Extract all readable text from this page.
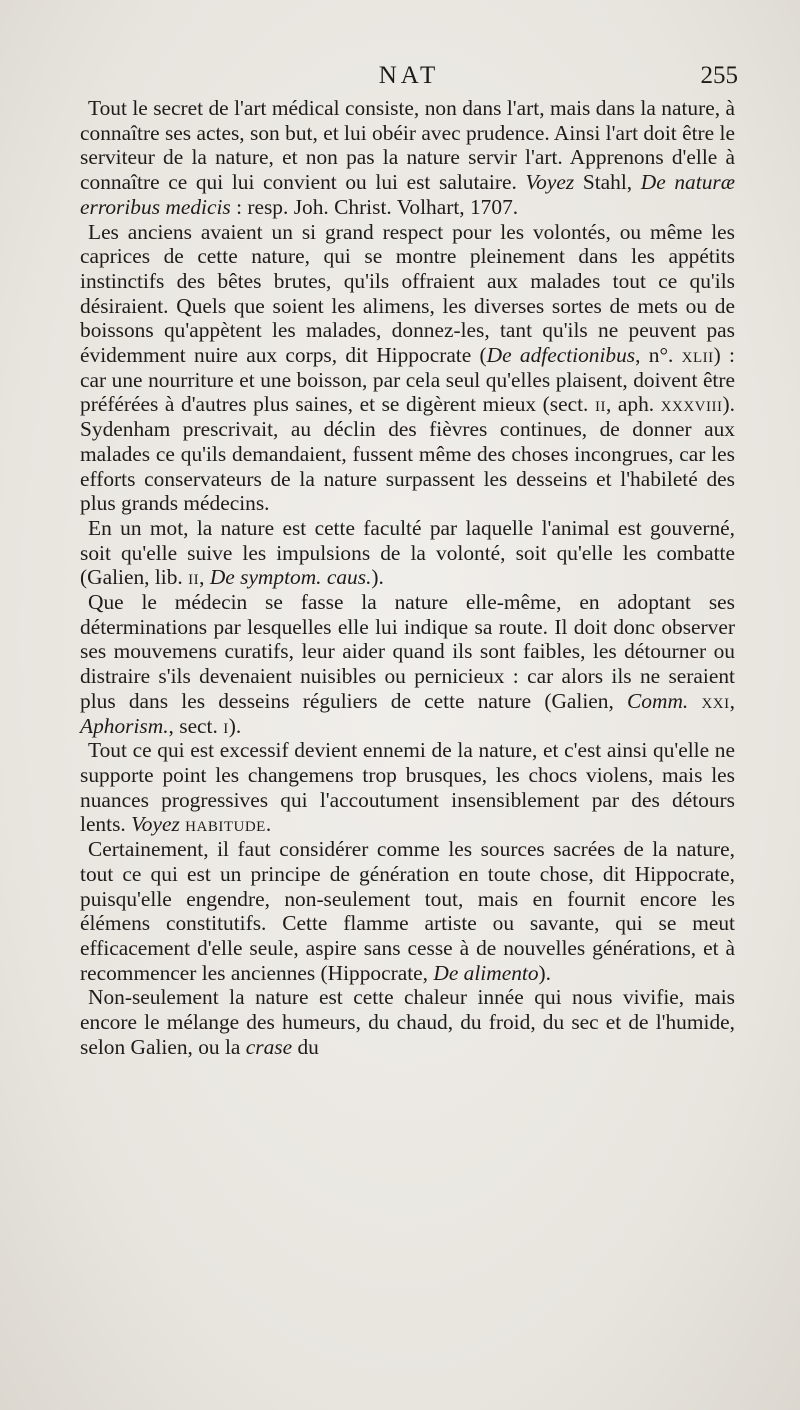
NAT	255

Tout le secret de l'art médical consiste, non dans l'art, mais dans la nature, à connaître ses actes, son but, et lui obéir avec prudence. Ainsi l'art doit être le serviteur de la nature, et non pas la nature servir l'art. Apprenons d'elle à connaître ce qui lui convient ou lui est salutaire. Voyez Stahl, De naturæ erroribus medicis : resp. Joh. Christ. Volhart, 1707.

Les anciens avaient un si grand respect pour les volontés, ou même les caprices de cette nature, qui se montre pleinement dans les appétits instinctifs des bêtes brutes, qu'ils offraient aux malades tout ce qu'ils désiraient. Quels que soient les alimens, les diverses sortes de mets ou de boissons qu'appètent les malades, donnez-les, tant qu'ils ne peuvent pas évidemment nuire aux corps, dit Hippocrate (De adfectionibus, n°. xlii) : car une nourriture et une boisson, par cela seul qu'elles plaisent, doivent être préférées à d'autres plus saines, et se digèrent mieux (sect. ii, aph. xxxviii). Sydenham prescrivait, au déclin des fièvres continues, de donner aux malades ce qu'ils demandaient, fussent même des choses incongrues, car les efforts conservateurs de la nature surpassent les desseins et l'habileté des plus grands médecins.

En un mot, la nature est cette faculté par laquelle l'animal est gouverné, soit qu'elle suive les impulsions de la volonté, soit qu'elle les combatte (Galien, lib. ii, De symptom. caus.).

Que le médecin se fasse la nature elle-même, en adoptant ses déterminations par lesquelles elle lui indique sa route. Il doit donc observer ses mouvemens curatifs, leur aider quand ils sont faibles, les détourner ou distraire s'ils devenaient nuisibles ou pernicieux : car alors ils ne seraient plus dans les desseins réguliers de cette nature (Galien, Comm. xxi, Aphorism., sect. i).

Tout ce qui est excessif devient ennemi de la nature, et c'est ainsi qu'elle ne supporte point les changemens trop brusques, les chocs violens, mais les nuances progressives qui l'accoutument insensiblement par des détours lents. Voyez habitude.

Certainement, il faut considérer comme les sources sacrées de la nature, tout ce qui est un principe de génération en toute chose, dit Hippocrate, puisqu'elle engendre, non-seulement tout, mais en fournit encore les élémens constitutifs. Cette flamme artiste ou savante, qui se meut efficacement d'elle seule, aspire sans cesse à de nouvelles générations, et à recommencer les anciennes (Hippocrate, De alimento).

Non-seulement la nature est cette chaleur innée qui nous vivifie, mais encore le mélange des humeurs, du chaud, du froid, du sec et de l'humide, selon Galien, ou la crase du
